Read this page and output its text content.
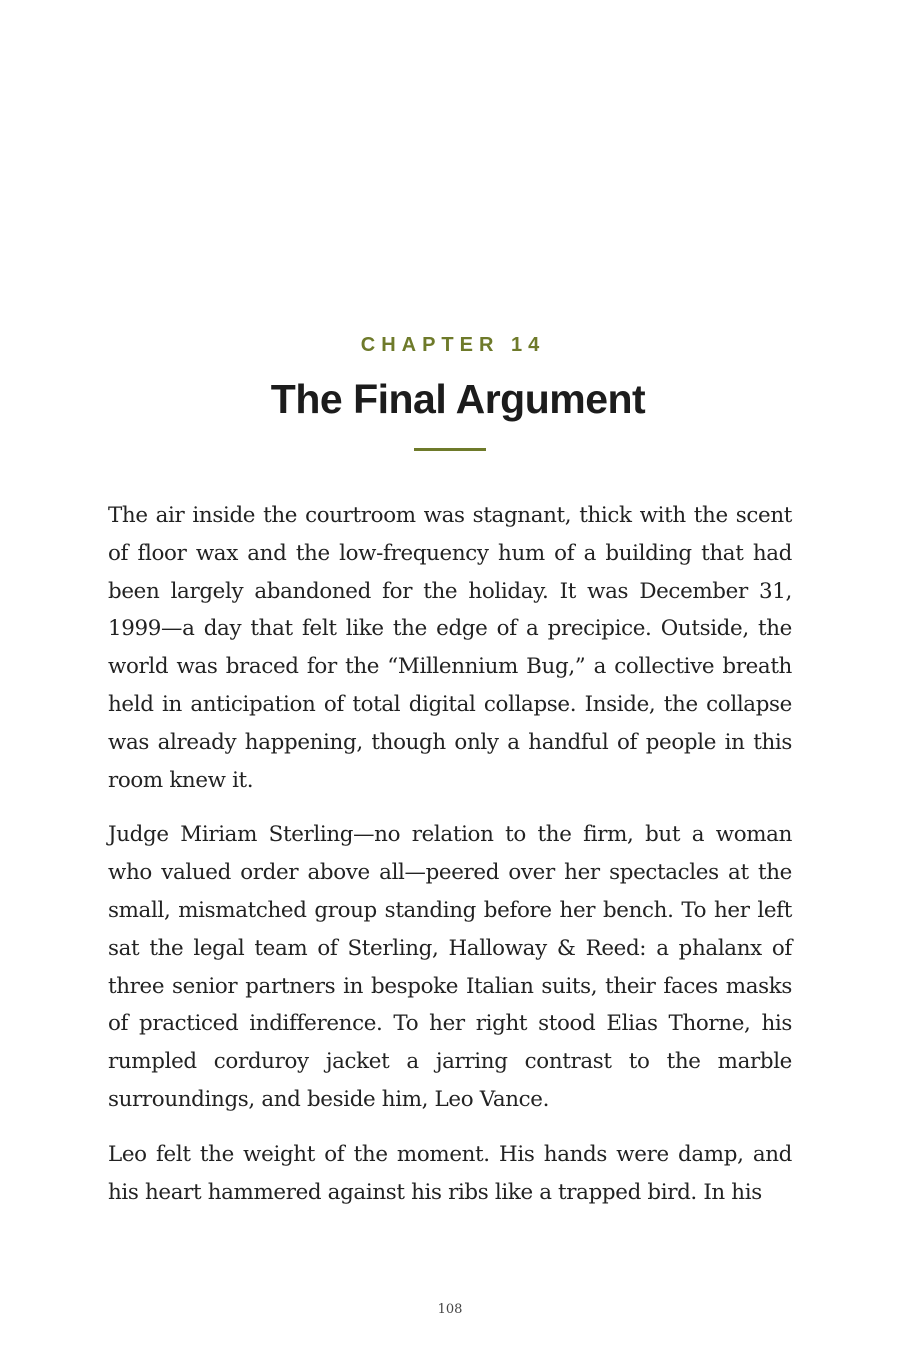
CHAPTER 14
The Final Argument

The air inside the courtroom was stagnant, thick with the scent of floor wax and the low-frequency hum of a building that had been largely abandoned for the holiday. It was December 31, 1999—a day that felt like the edge of a precipice. Outside, the world was braced for the “Millennium Bug,” a collective breath held in anticipation of total digital collapse. Inside, the collapse was already happening, though only a handful of people in this room knew it.

Judge Miriam Sterling—no relation to the firm, but a woman who valued order above all—peered over her spectacles at the small, mismatched group standing before her bench. To her left sat the legal team of Sterling, Halloway & Reed: a phalanx of three senior partners in bespoke Italian suits, their faces masks of practiced indifference. To her right stood Elias Thorne, his rumpled corduroy jacket a jarring contrast to the marble surroundings, and beside him, Leo Vance.

Leo felt the weight of the moment. His hands were damp, and his heart hammered against his ribs like a trapped bird. In his

108
